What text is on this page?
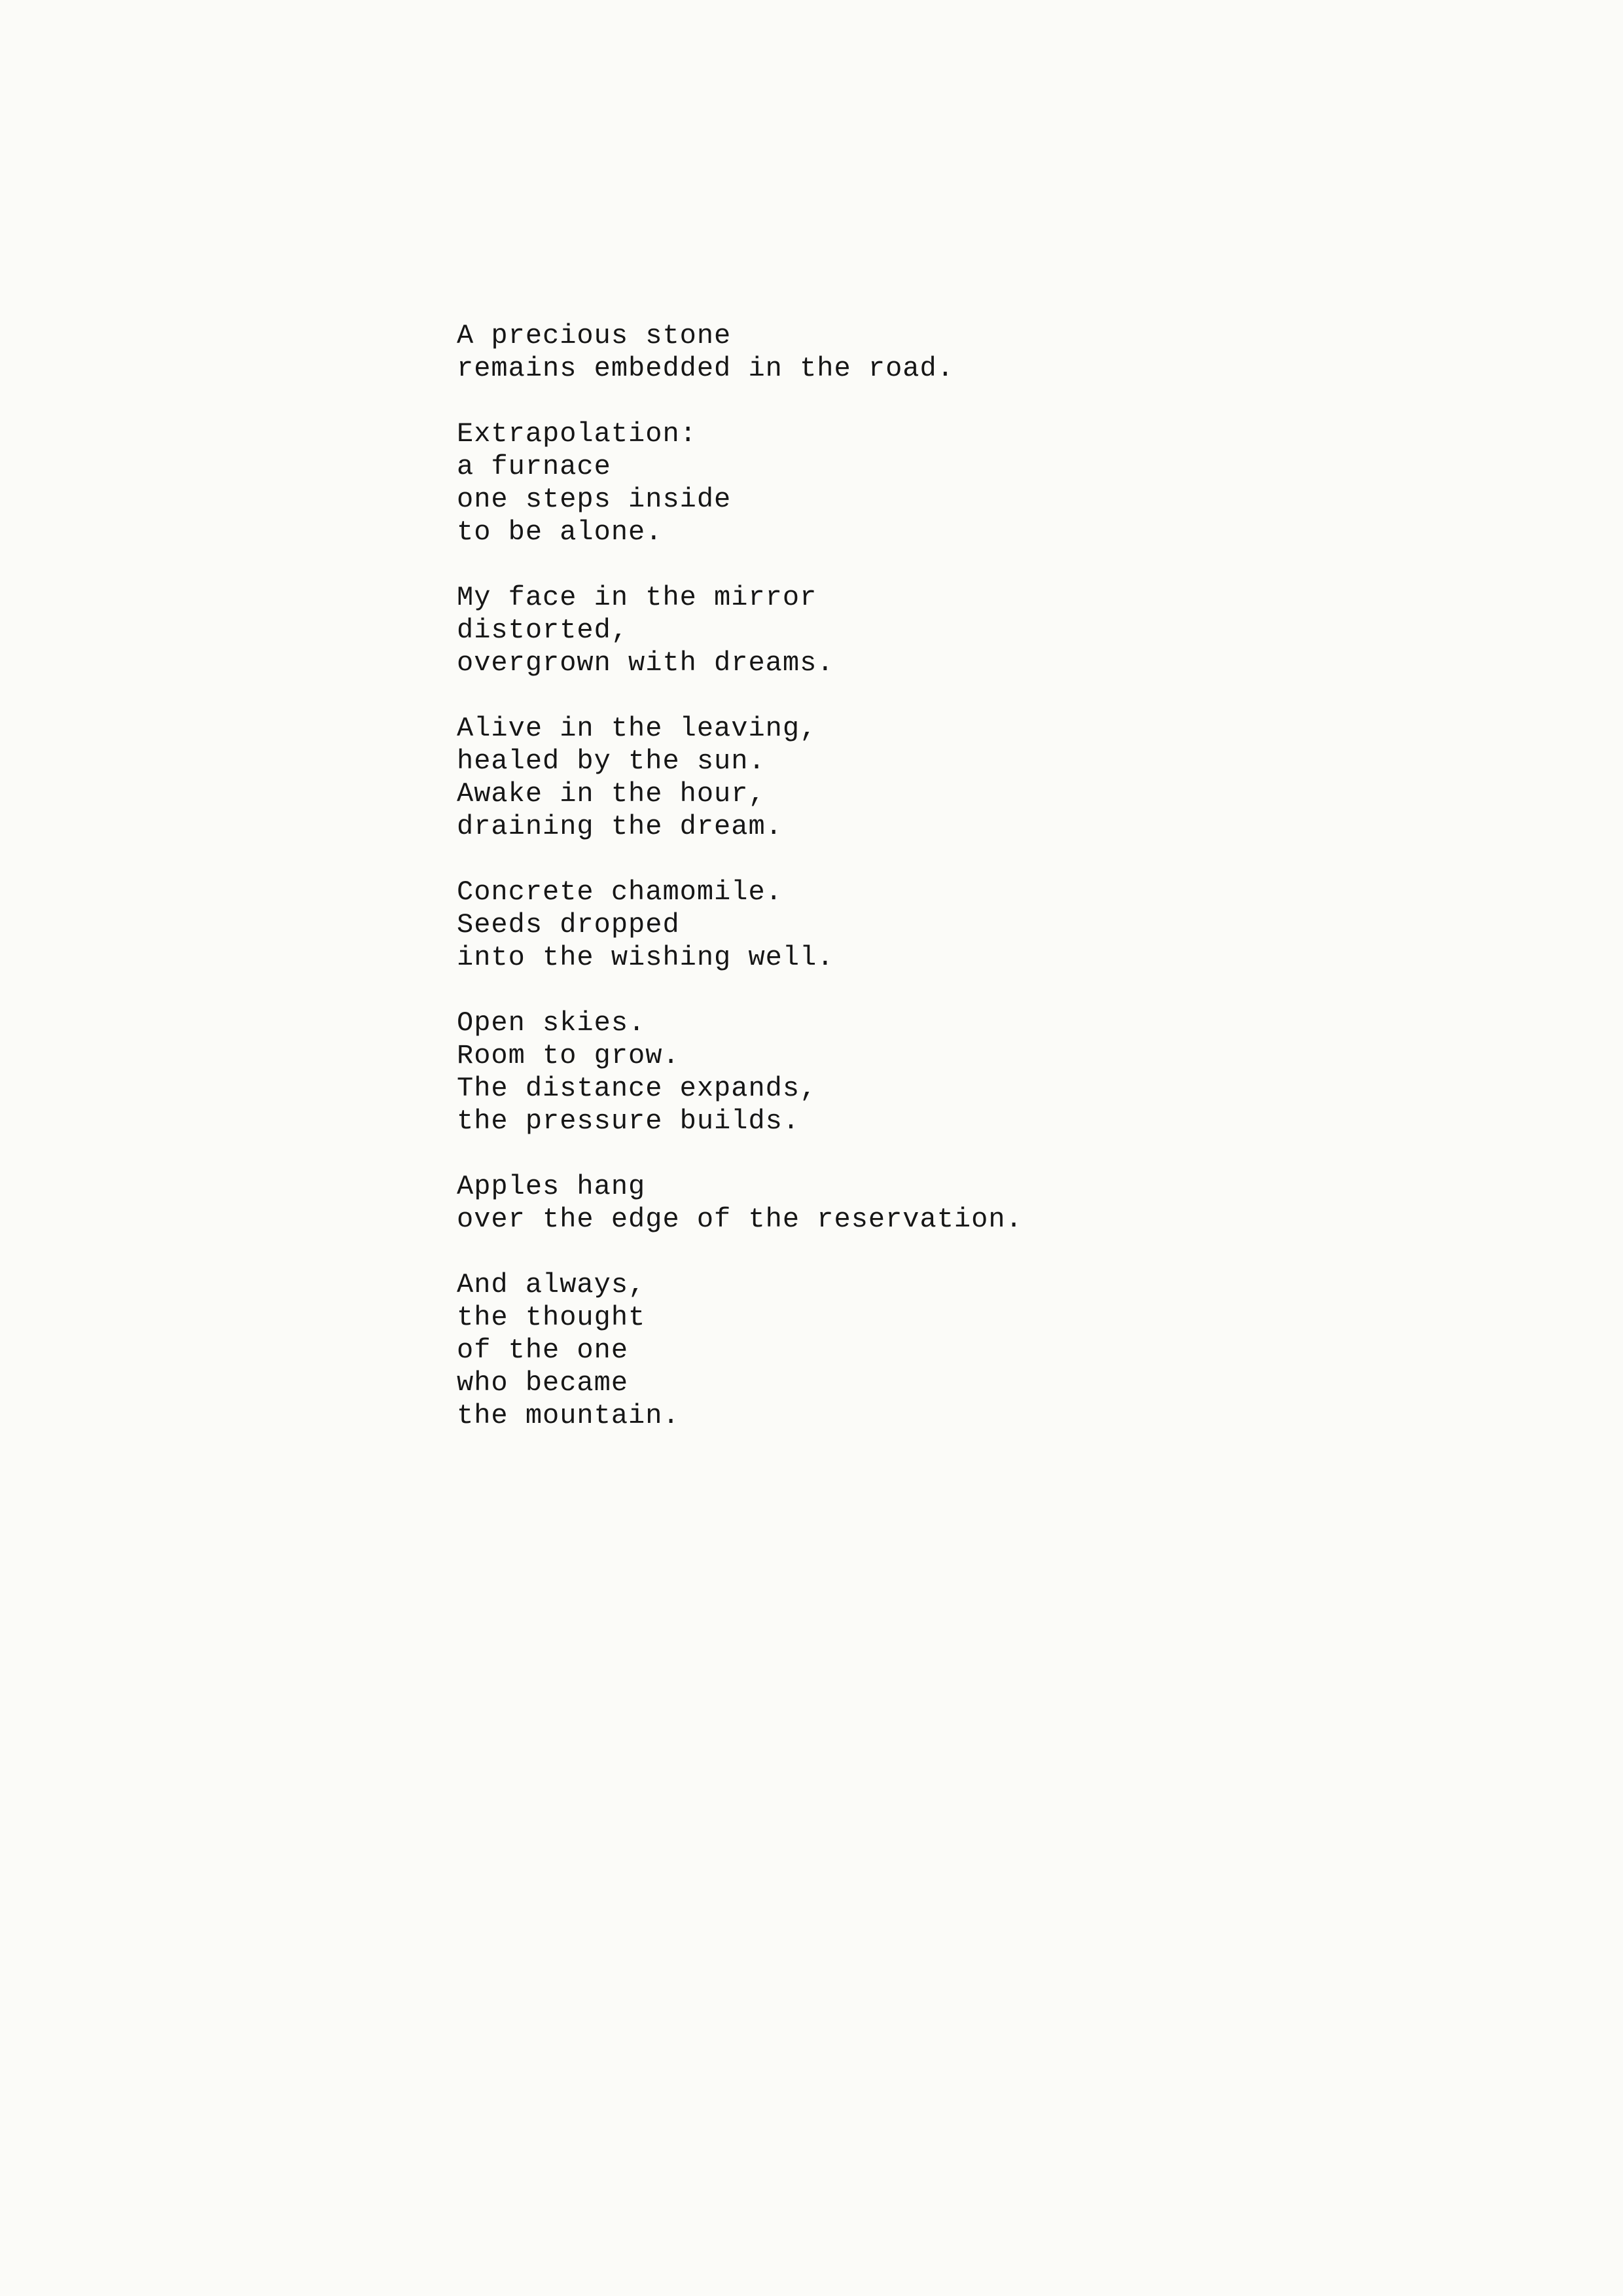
A precious stone
remains embedded in the road.
Extrapolation:
a furnace
one steps inside
to be alone.
My face in the mirror
distorted,
overgrown with dreams.
Alive in the leaving,
healed by the sun.
Awake in the hour,
draining the dream.
Concrete chamomile.
Seeds dropped
into the wishing well.
Open skies.
Room to grow.
The distance expands,
the pressure builds.
Apples hang
over the edge of the reservation.
And always,
the thought
of the one
who became
the mountain.
